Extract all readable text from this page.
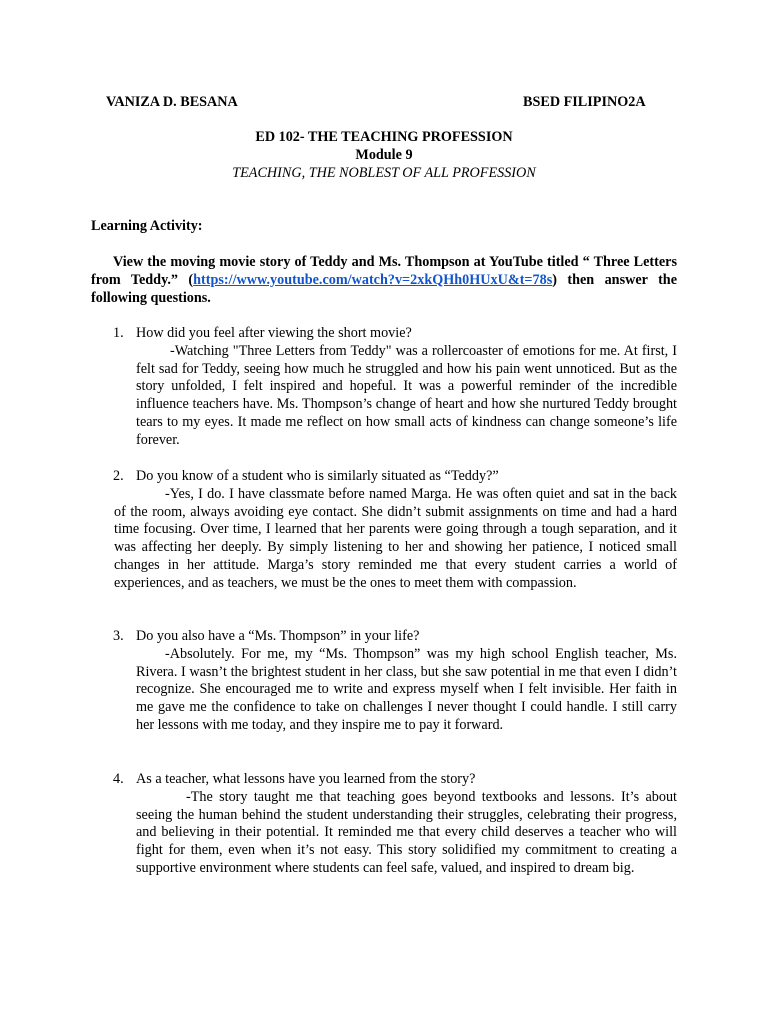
VANIZA D. BESANA	BSED FILIPINO2A
ED 102- THE TEACHING PROFESSION
Module 9
TEACHING, THE NOBLEST OF ALL PROFESSION
Learning Activity:
View the moving movie story of Teddy and Ms. Thompson at YouTube titled “ Three Letters from Teddy.” (https://www.youtube.com/watch?v=2xkQHh0HUxU&t=78s) then answer the following questions.
1. How did you feel after viewing the short movie?
-Watching "Three Letters from Teddy" was a rollercoaster of emotions for me. At first, I felt sad for Teddy, seeing how much he struggled and how his pain went unnoticed. But as the story unfolded, I felt inspired and hopeful. It was a powerful reminder of the incredible influence teachers have. Ms. Thompson’s change of heart and how she nurtured Teddy brought tears to my eyes. It made me reflect on how small acts of kindness can change someone’s life forever.
2. Do you know of a student who is similarly situated as “Teddy?”
-Yes, I do. I have classmate before named Marga. He was often quiet and sat in the back of the room, always avoiding eye contact. She didn’t submit assignments on time and had a hard time focusing. Over time, I learned that her parents were going through a tough separation, and it was affecting her deeply. By simply listening to her and showing her patience, I noticed small changes in her attitude. Marga’s story reminded me that every student carries a world of experiences, and as teachers, we must be the ones to meet them with compassion.
3. Do you also have a “Ms. Thompson” in your life?
-Absolutely. For me, my “Ms. Thompson” was my high school English teacher, Ms. Rivera. I wasn’t the brightest student in her class, but she saw potential in me that even I didn’t recognize. She encouraged me to write and express myself when I felt invisible. Her faith in me gave me the confidence to take on challenges I never thought I could handle. I still carry her lessons with me today, and they inspire me to pay it forward.
4. As a teacher, what lessons have you learned from the story?
-The story taught me that teaching goes beyond textbooks and lessons. It’s about seeing the human behind the student understanding their struggles, celebrating their progress, and believing in their potential. It reminded me that every child deserves a teacher who will fight for them, even when it’s not easy. This story solidified my commitment to creating a supportive environment where students can feel safe, valued, and inspired to dream big.
